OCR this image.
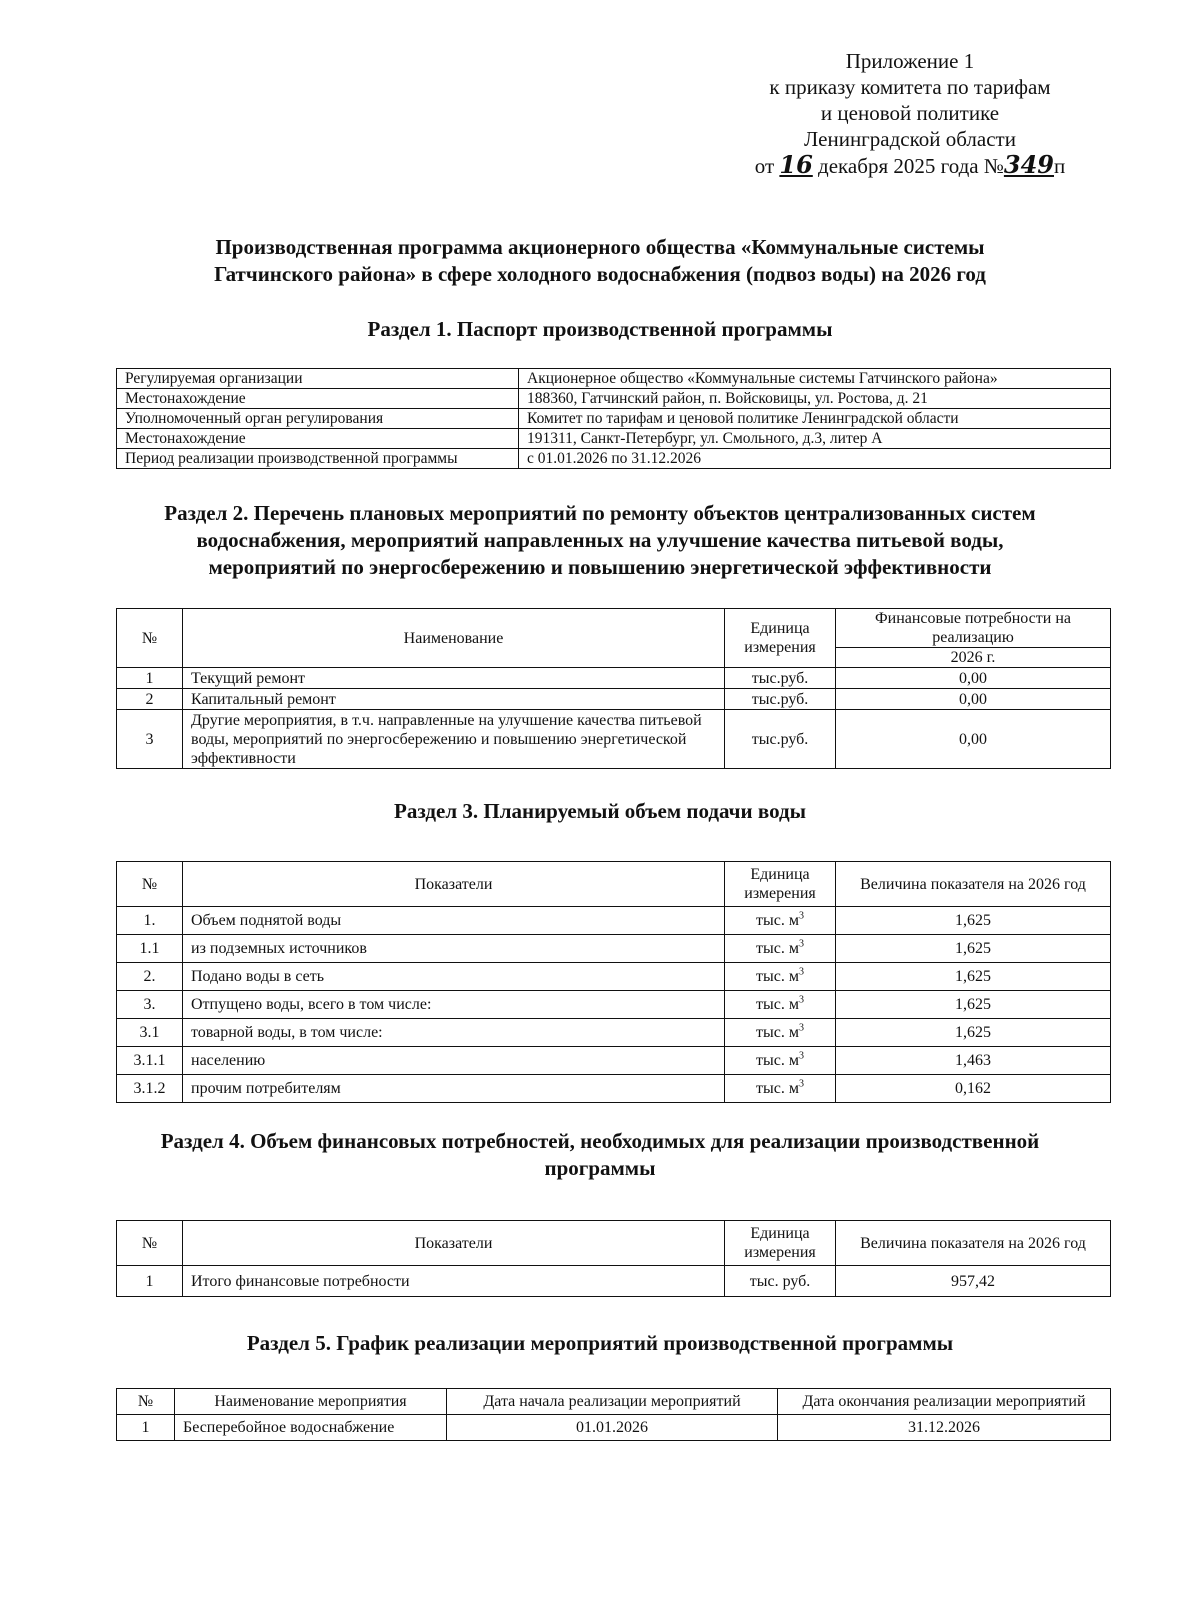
Приложение 1
к приказу комитета по тарифам
и ценовой политике
Ленинградской области
от 16 декабря 2025 года №349п
Производственная программа акционерного общества «Коммунальные системы
Гатчинского района» в сфере холодного водоснабжения (подвоз воды) на 2026 год
Раздел 1. Паспорт производственной программы
Регулируемая организации	Акционерное общество «Коммунальные системы Гатчинского района»
Местонахождение	188360, Гатчинский район, п. Войсковицы, ул. Ростова, д. 21
Уполномоченный орган регулирования	Комитет по тарифам и ценовой политике Ленинградской области
Местонахождение	191311, Санкт-Петербург, ул. Смольного, д.3, литер А
Период реализации производственной программы	с 01.01.2026 по 31.12.2026
Раздел 2. Перечень плановых мероприятий по ремонту объектов централизованных систем
водоснабжения, мероприятий направленных на улучшение качества питьевой воды,
мероприятий по энергосбережению и повышению энергетической эффективности
№	Наименование	Единица измерения	Финансовые потребности на реализацию
			2026 г.
1	Текущий ремонт	тыс.руб.	0,00
2	Капитальный ремонт	тыс.руб.	0,00
3	Другие мероприятия, в т.ч. направленные на улучшение качества питьевой воды, мероприятий по энергосбережению и повышению энергетической эффективности	тыс.руб.	0,00
Раздел 3. Планируемый объем подачи воды
№	Показатели	Единица измерения	Величина показателя на 2026 год
1.	Объем поднятой воды	тыс. $м^3$	1,625
1.1	из подземных источников	тыс. $м^3$	1,625
2.	Подано воды в сеть	тыс. $м^3$	1,625
3.	Отпущено воды, всего в том числе:	тыс. $м^3$	1,625
3.1	товарной воды, в том числе:	тыс. $м^3$	1,625
3.1.1	населению	тыс. $м^3$	1,463
3.1.2	прочим потребителям	тыс. $м^3$	0,162
Раздел 4. Объем финансовых потребностей, необходимых для реализации производственной
программы
№	Показатели	Единица измерения	Величина показателя на 2026 год
1	Итого финансовые потребности	тыс. руб.	957,42
Раздел 5. График реализации мероприятий производственной программы
№	Наименование мероприятия	Дата начала реализации мероприятий	Дата окончания реализации мероприятий
1	Бесперебойное водоснабжение	01.01.2026	31.12.2026
